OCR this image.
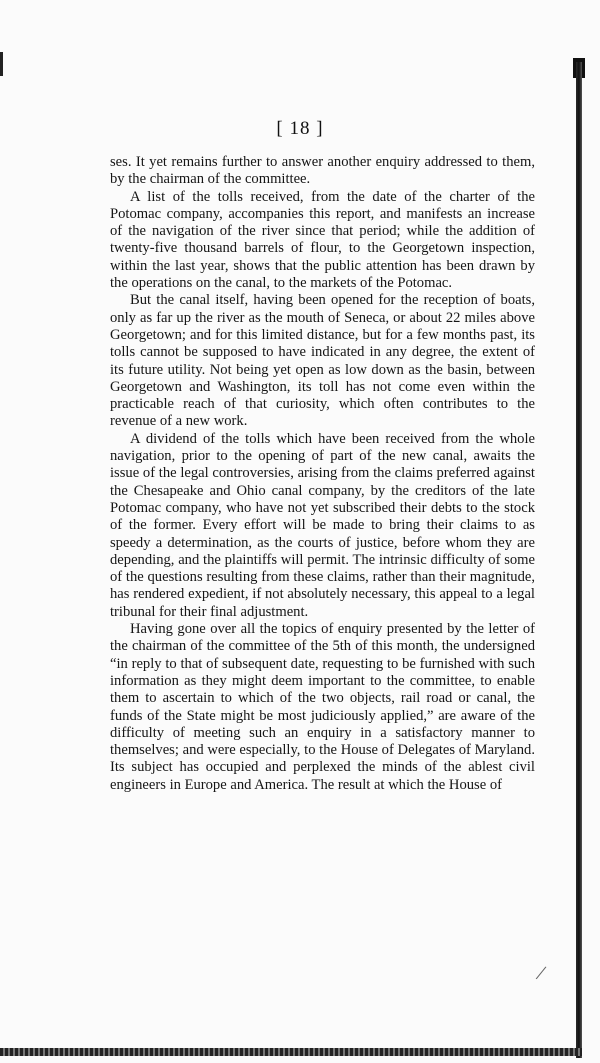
[ 18 ]

ses. It yet remains further to answer another enquiry addressed to them, by the chairman of the committee.

A list of the tolls received, from the date of the charter of the Potomac company, accompanies this report, and manifests an increase of the navigation of the river since that period; while the addition of twenty-five thousand barrels of flour, to the Georgetown inspection, within the last year, shows that the public attention has been drawn by the operations on the canal, to the markets of the Potomac.

But the canal itself, having been opened for the reception of boats, only as far up the river as the mouth of Seneca, or about 22 miles above Georgetown; and for this limited distance, but for a few months past, its tolls cannot be supposed to have indicated in any degree, the extent of its future utility. Not being yet open as low down as the basin, between Georgetown and Washington, its toll has not come even within the practicable reach of that curiosity, which often contributes to the revenue of a new work.

A dividend of the tolls which have been received from the whole navigation, prior to the opening of part of the new canal, awaits the issue of the legal controversies, arising from the claims preferred against the Chesapeake and Ohio canal company, by the creditors of the late Potomac company, who have not yet subscribed their debts to the stock of the former. Every effort will be made to bring their claims to as speedy a determination, as the courts of justice, before whom they are depending, and the plaintiffs will permit. The intrinsic difficulty of some of the questions resulting from these claims, rather than their magnitude, has rendered expedient, if not absolutely necessary, this appeal to a legal tribunal for their final adjustment.

Having gone over all the topics of enquiry presented by the letter of the chairman of the committee of the 5th of this month, the undersigned “in reply to that of subsequent date, requesting to be furnished with such information as they might deem important to the committee, to enable them to ascertain to which of the two objects, rail road or canal, the funds of the State might be most judiciously applied,” are aware of the difficulty of meeting such an enquiry in a satisfactory manner to themselves; and were especially, to the House of Delegates of Maryland. Its subject has occupied and perplexed the minds of the ablest civil engineers in Europe and America. The result at which the House of

/
